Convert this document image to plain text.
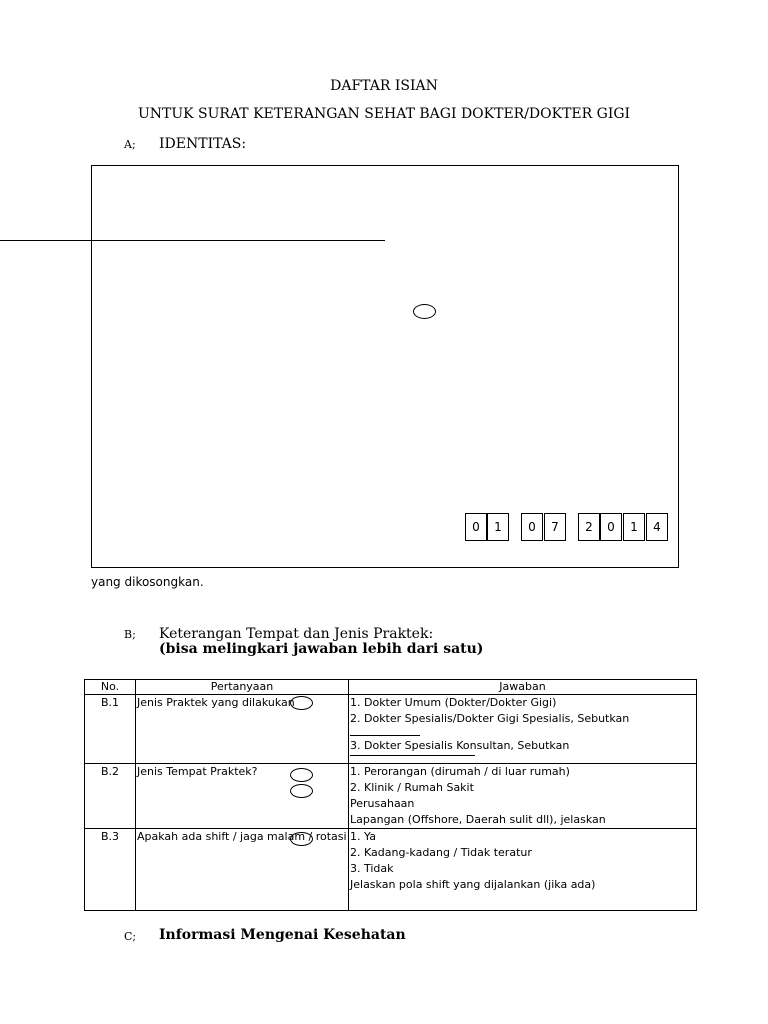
DAFTAR ISIAN
UNTUK SURAT KETERANGAN SEHAT BAGI DOKTER/DOKTER GIGI
A; IDENTITAS:
0	1	0	7	2	0	1	4
yang dikosongkan.
B; Keterangan Tempat dan Jenis Praktek:
(bisa melingkari jawaban lebih dari satu)
No.	Pertanyaan	Jawaban
B.1	Jenis Praktek yang dilakukan	1. Dokter Umum (Dokter/Dokter Gigi)
2. Dokter Spesialis/Dokter Gigi Spesialis, Sebutkan
3. Dokter Spesialis Konsultan, Sebutkan

B.2	Jenis Tempat Praktek?	1. Perorangan (dirumah / di luar rumah)
2. Klinik / Rumah Sakit
Perusahaan
Lapangan (Offshore, Daerah sulit dll), jelaskan

B.3	Apakah ada shift / jaga malam / rotasi	1. Ya
2. Kadang-kadang / Tidak teratur
3. Tidak
Jelaskan pola shift yang dijalankan (jika ada)
C; Informasi Mengenai Kesehatan
